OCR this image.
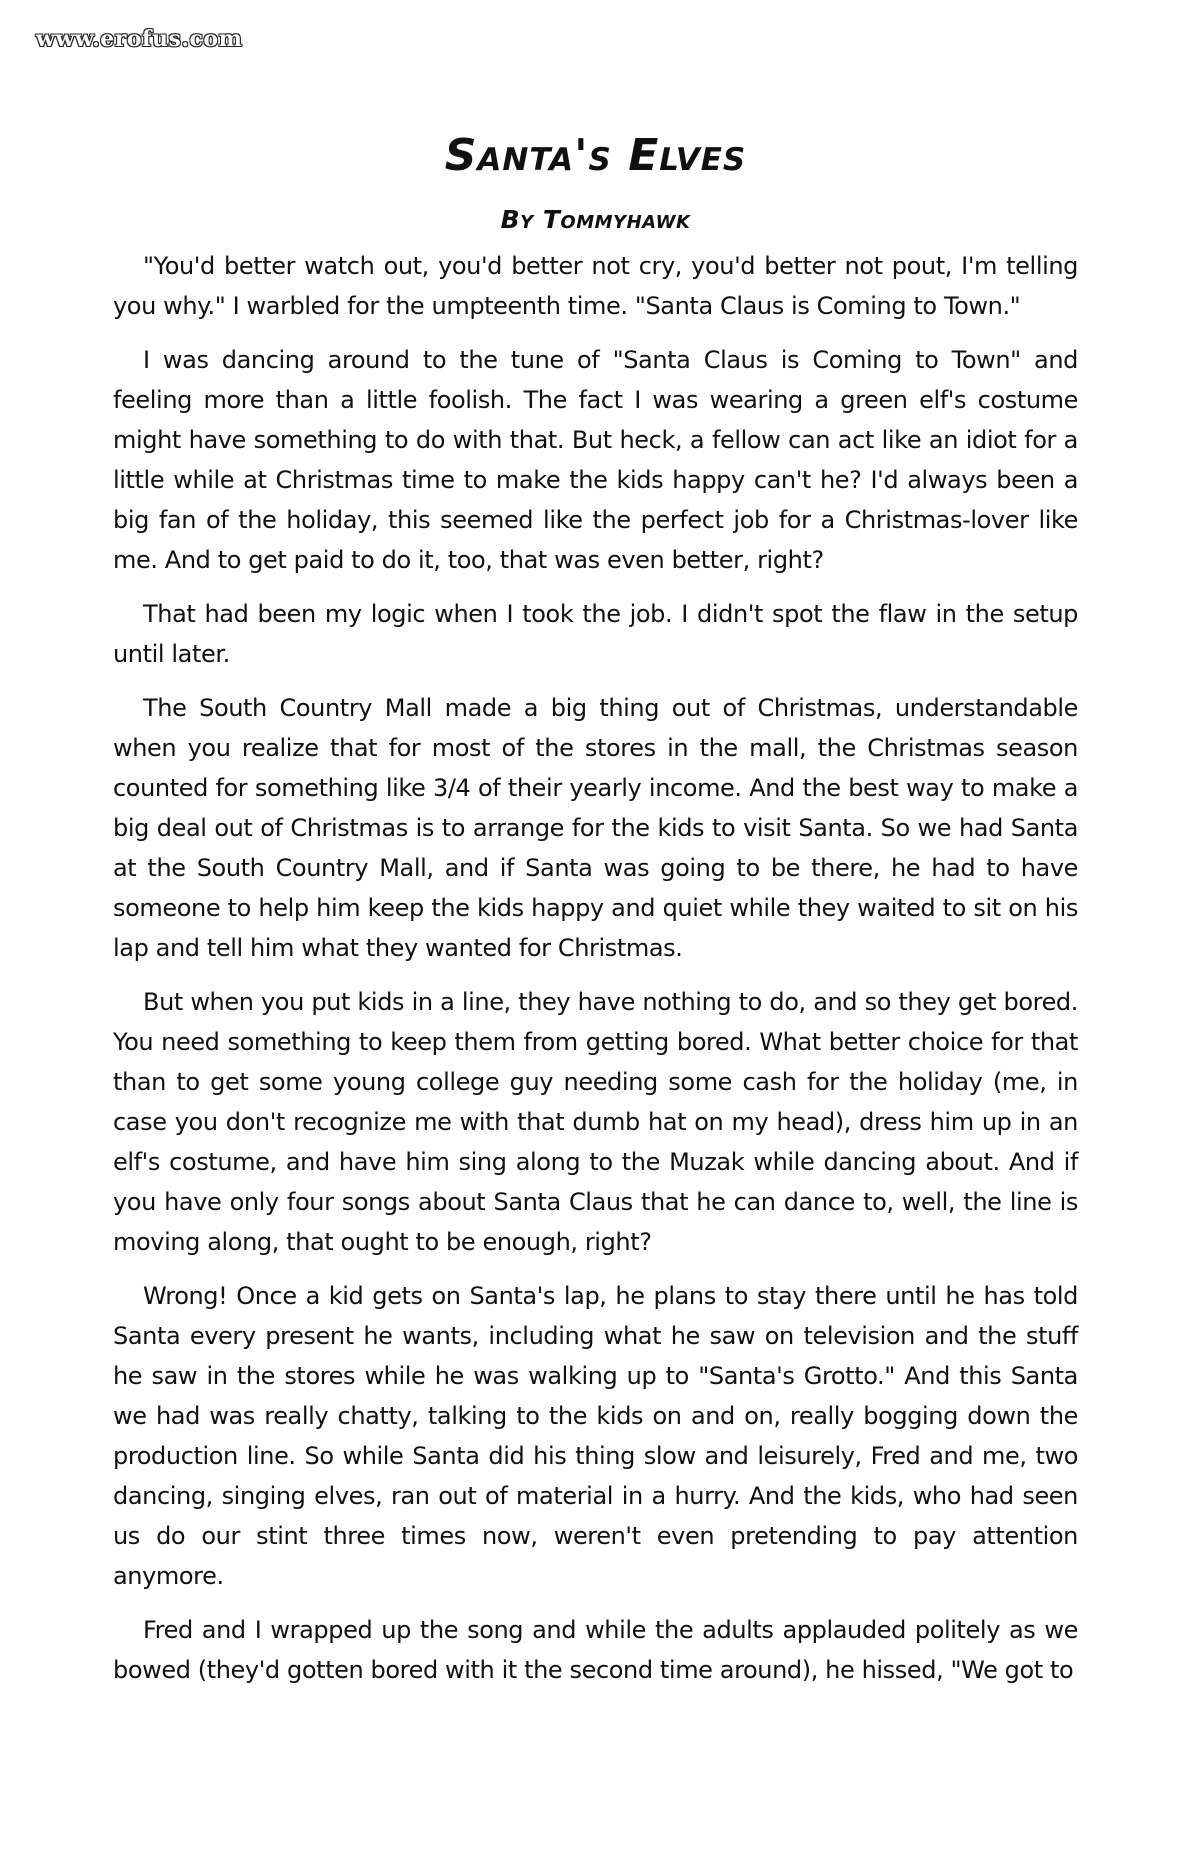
www.erofus.com
Santa's Elves
By Tommyhawk

"You'd better watch out, you'd better not cry, you'd better not pout, I'm telling you why." I warbled for the umpteenth time. "Santa Claus is Coming to Town."

I was dancing around to the tune of "Santa Claus is Coming to Town" and feeling more than a little foolish. The fact I was wearing a green elf's costume might have something to do with that. But heck, a fellow can act like an idiot for a little while at Christmas time to make the kids happy can't he? I'd always been a big fan of the holiday, this seemed like the perfect job for a Christmas-lover like me. And to get paid to do it, too, that was even better, right?

That had been my logic when I took the job. I didn't spot the flaw in the setup until later.

The South Country Mall made a big thing out of Christmas, understandable when you realize that for most of the stores in the mall, the Christmas season counted for something like 3/4 of their yearly income. And the best way to make a big deal out of Christmas is to arrange for the kids to visit Santa. So we had Santa at the South Country Mall, and if Santa was going to be there, he had to have someone to help him keep the kids happy and quiet while they waited to sit on his lap and tell him what they wanted for Christmas.

But when you put kids in a line, they have nothing to do, and so they get bored. You need something to keep them from getting bored. What better choice for that than to get some young college guy needing some cash for the holiday (me, in case you don't recognize me with that dumb hat on my head), dress him up in an elf's costume, and have him sing along to the Muzak while dancing about. And if you have only four songs about Santa Claus that he can dance to, well, the line is moving along, that ought to be enough, right?

Wrong! Once a kid gets on Santa's lap, he plans to stay there until he has told Santa every present he wants, including what he saw on television and the stuff he saw in the stores while he was walking up to "Santa's Grotto." And this Santa we had was really chatty, talking to the kids on and on, really bogging down the production line. So while Santa did his thing slow and leisurely, Fred and me, two dancing, singing elves, ran out of material in a hurry. And the kids, who had seen us do our stint three times now, weren't even pretending to pay attention anymore.

Fred and I wrapped up the song and while the adults applauded politely as we bowed (they'd gotten bored with it the second time around), he hissed, "We got to
